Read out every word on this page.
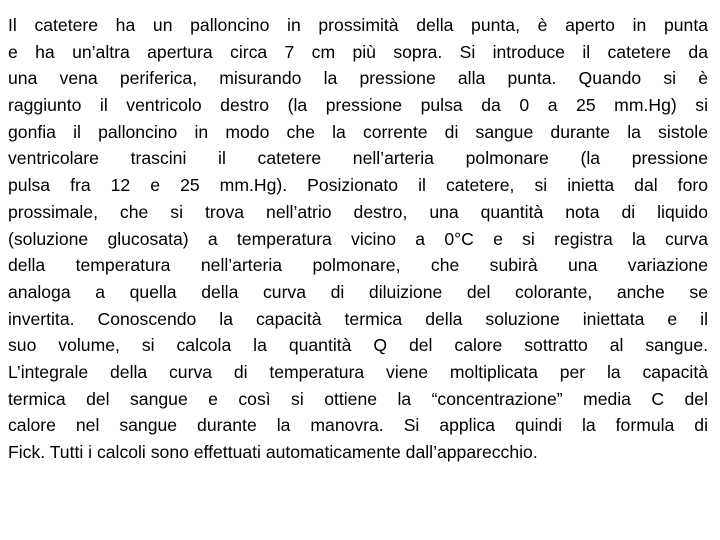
Il catetere ha un palloncino in prossimità della punta, è aperto in punta
e ha un’altra apertura circa 7 cm più sopra. Si introduce il catetere da
una vena periferica, misurando la pressione alla punta. Quando si è
raggiunto il ventricolo destro (la pressione pulsa da 0 a 25 mm.Hg) si
gonfia il palloncino in modo che la corrente di sangue durante la sistole
ventricolare trascini il catetere nell’arteria polmonare (la pressione
pulsa fra 12 e 25 mm.Hg). Posizionato il catetere, si inietta dal foro
prossimale, che si trova nell’atrio destro, una quantità nota di liquido
(soluzione glucosata) a temperatura vicino a 0°C e si registra la curva
della temperatura nell’arteria polmonare, che subirà una variazione
analoga a quella della curva di diluizione del colorante, anche se
invertita. Conoscendo la capacità termica della soluzione iniettata e il
suo volume, si calcola la quantità Q del calore sottratto al sangue.
L’integrale della curva di temperatura viene moltiplicata per la capacità
termica del sangue e così si ottiene la “concentrazione” media C del
calore nel sangue durante la manovra. Si applica quindi la formula di
Fick. Tutti i calcoli sono effettuati automaticamente dall’apparecchio.
